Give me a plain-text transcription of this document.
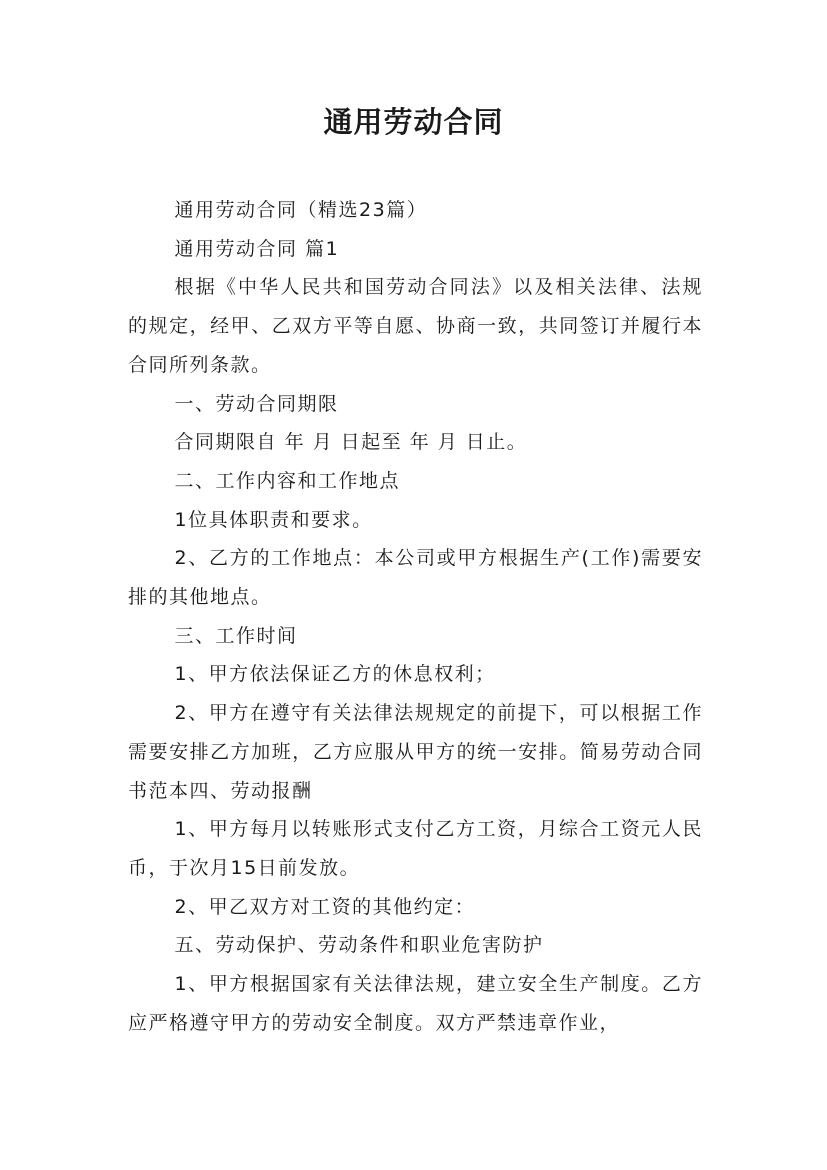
通用劳动合同

通用劳动合同（精选23篇）

通用劳动合同 篇1

根据《中华人民共和国劳动合同法》以及相关法律、法规的规定，经甲、乙双方平等自愿、协商一致，共同签订并履行本合同所列条款。

一、劳动合同期限

合同期限自 年 月 日起至 年 月 日止。

二、工作内容和工作地点

1位具体职责和要求。

2、乙方的工作地点：本公司或甲方根据生产(工作)需要安排的其他地点。

三、工作时间

1、甲方依法保证乙方的休息权利；

2、甲方在遵守有关法律法规规定的前提下，可以根据工作需要安排乙方加班，乙方应服从甲方的统一安排。简易劳动合同书范本四、劳动报酬

1、甲方每月以转账形式支付乙方工资，月综合工资元人民币，于次月15日前发放。

2、甲乙双方对工资的其他约定：

五、劳动保护、劳动条件和职业危害防护

1、甲方根据国家有关法律法规，建立安全生产制度。乙方应严格遵守甲方的劳动安全制度。双方严禁违章作业，
